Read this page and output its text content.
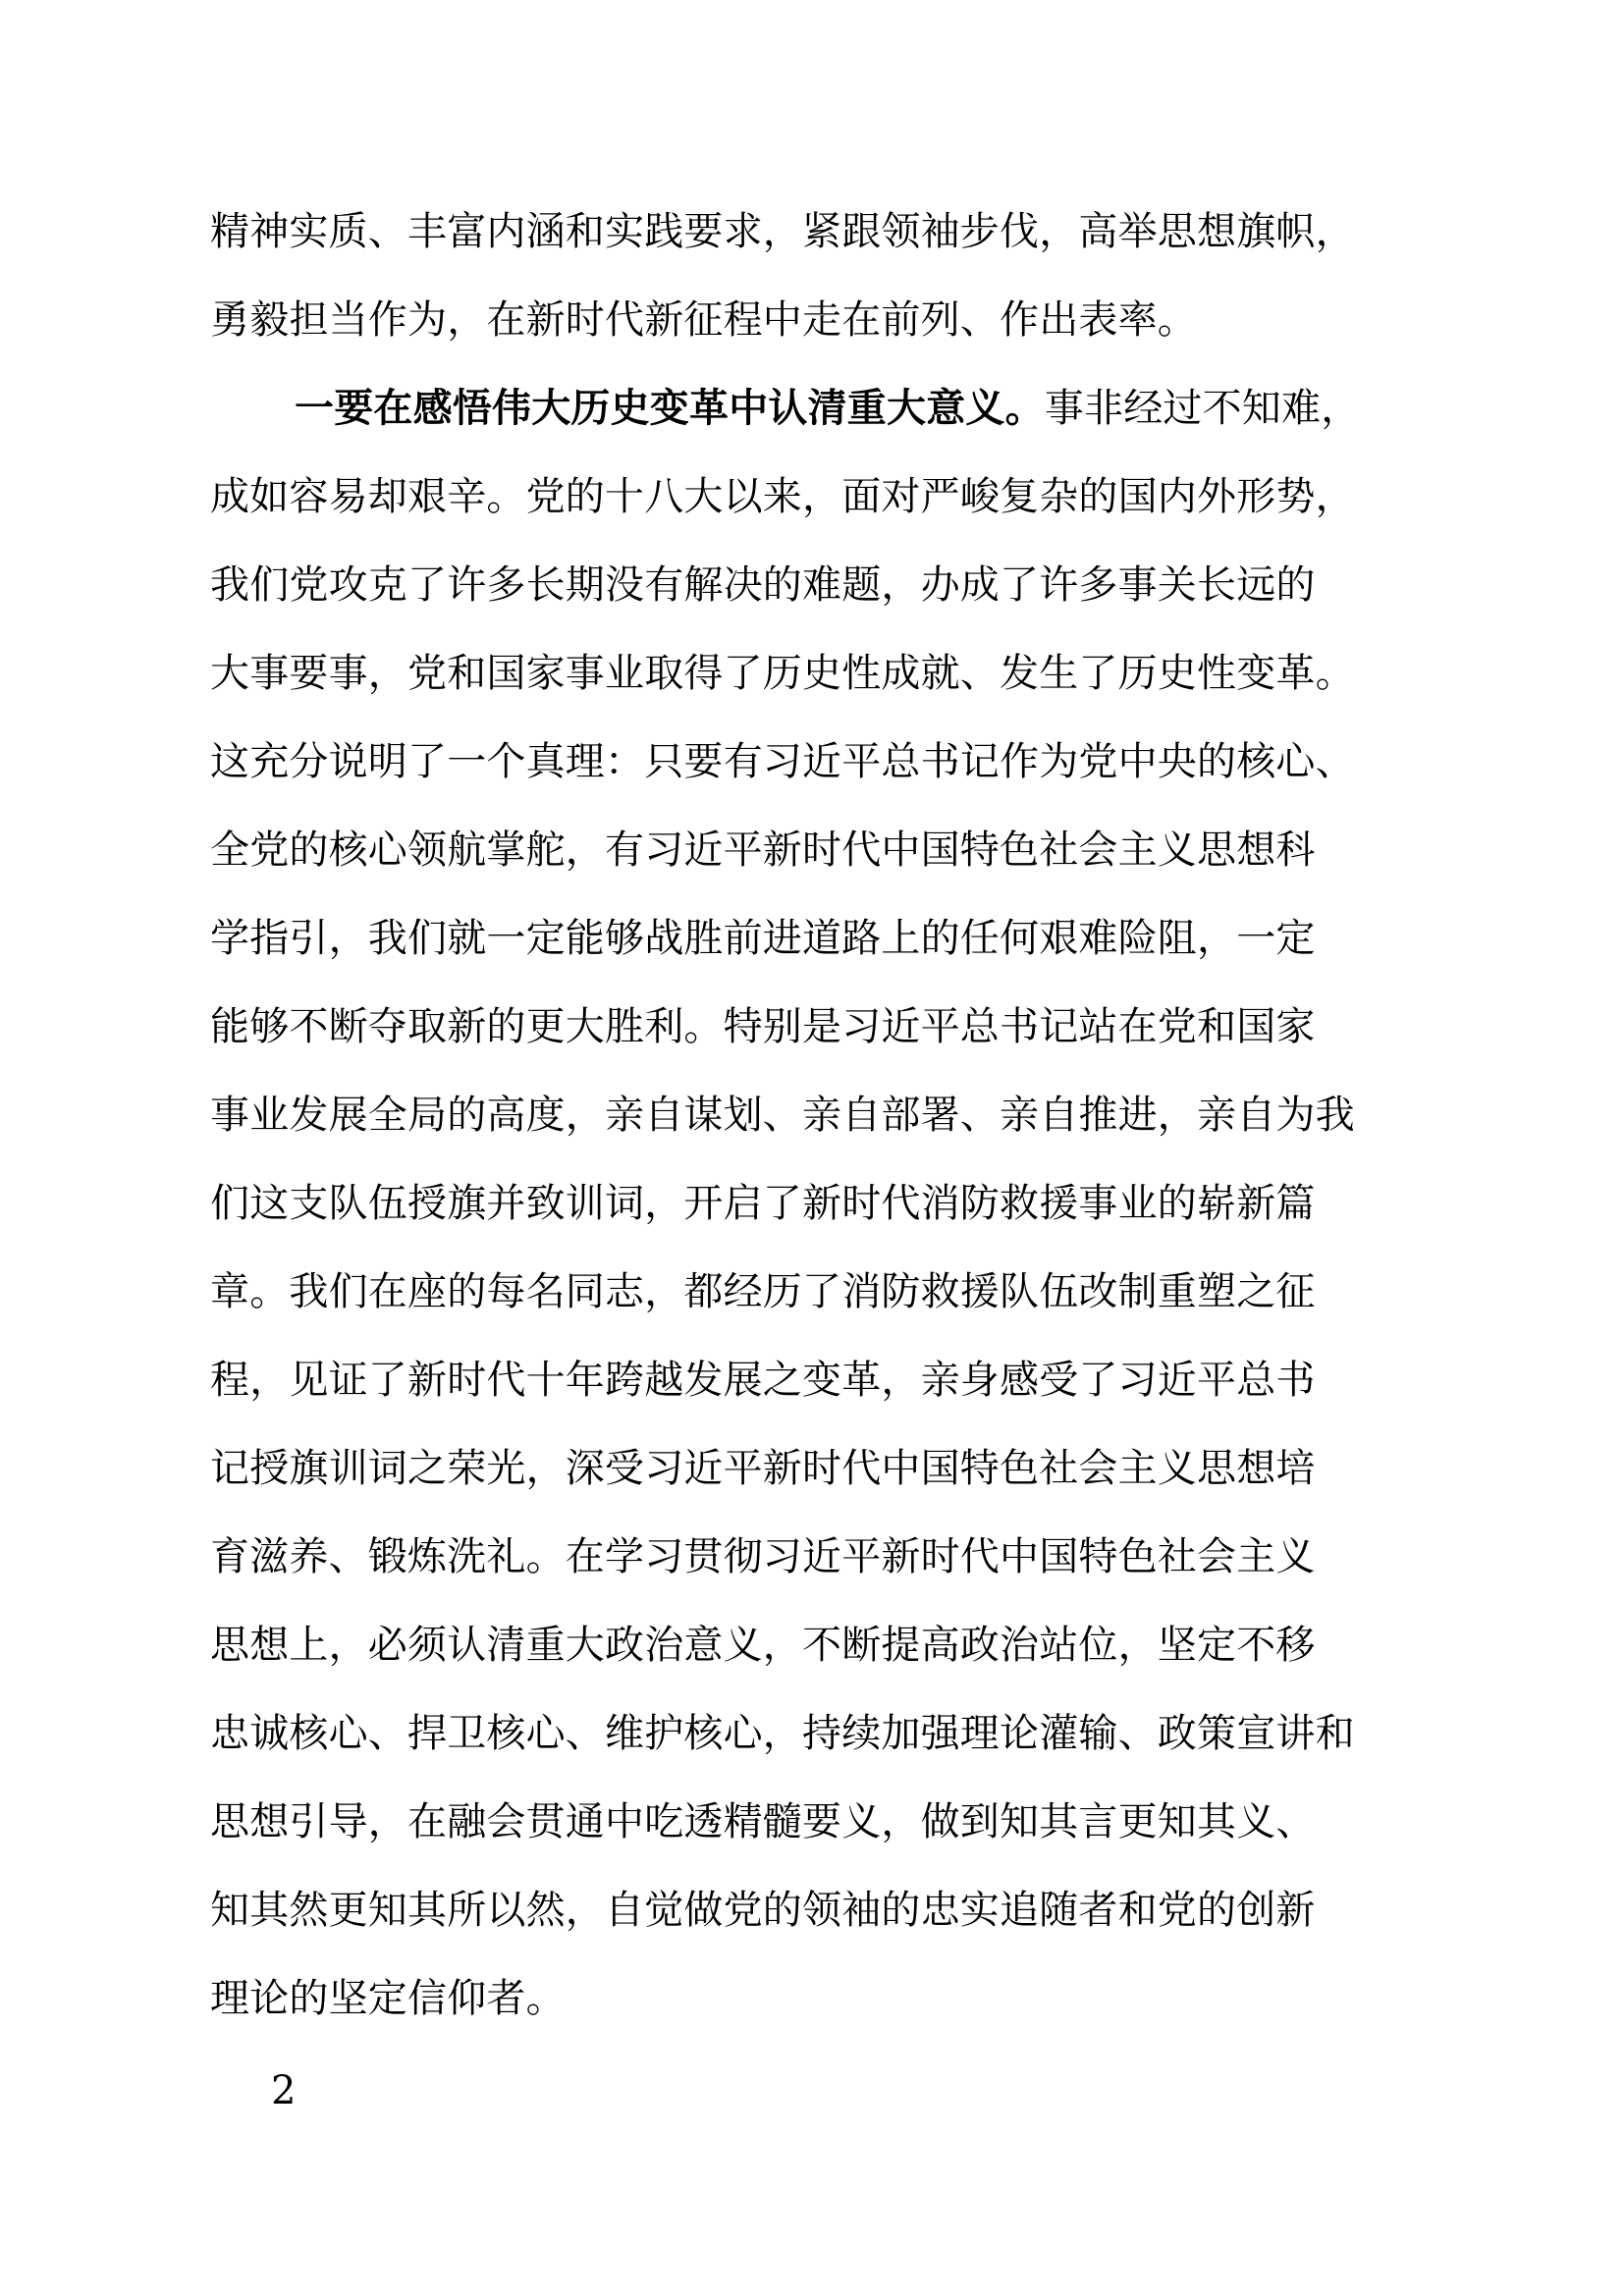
精神实质、丰富内涵和实践要求，紧跟领袖步伐，高举思想旗帜，
勇毅担当作为，在新时代新征程中走在前列、作出表率。
一要在感悟伟大历史变革中认清重大意义。事非经过不知难，
成如容易却艰辛。党的十八大以来，面对严峻复杂的国内外形势，
我们党攻克了许多长期没有解决的难题，办成了许多事关长远的
大事要事，党和国家事业取得了历史性成就、发生了历史性变革。
这充分说明了一个真理：只要有习近平总书记作为党中央的核心、
全党的核心领航掌舵，有习近平新时代中国特色社会主义思想科
学指引，我们就一定能够战胜前进道路上的任何艰难险阻，一定
能够不断夺取新的更大胜利。特别是习近平总书记站在党和国家
事业发展全局的高度，亲自谋划、亲自部署、亲自推进，亲自为我
们这支队伍授旗并致训词，开启了新时代消防救援事业的崭新篇
章。我们在座的每名同志，都经历了消防救援队伍改制重塑之征
程，见证了新时代十年跨越发展之变革，亲身感受了习近平总书
记授旗训词之荣光，深受习近平新时代中国特色社会主义思想培
育滋养、锻炼洗礼。在学习贯彻习近平新时代中国特色社会主义
思想上，必须认清重大政治意义，不断提高政治站位，坚定不移
忠诚核心、捍卫核心、维护核心，持续加强理论灌输、政策宣讲和
思想引导，在融会贯通中吃透精髓要义，做到知其言更知其义、
知其然更知其所以然，自觉做党的领袖的忠实追随者和党的创新
理论的坚定信仰者。
2
